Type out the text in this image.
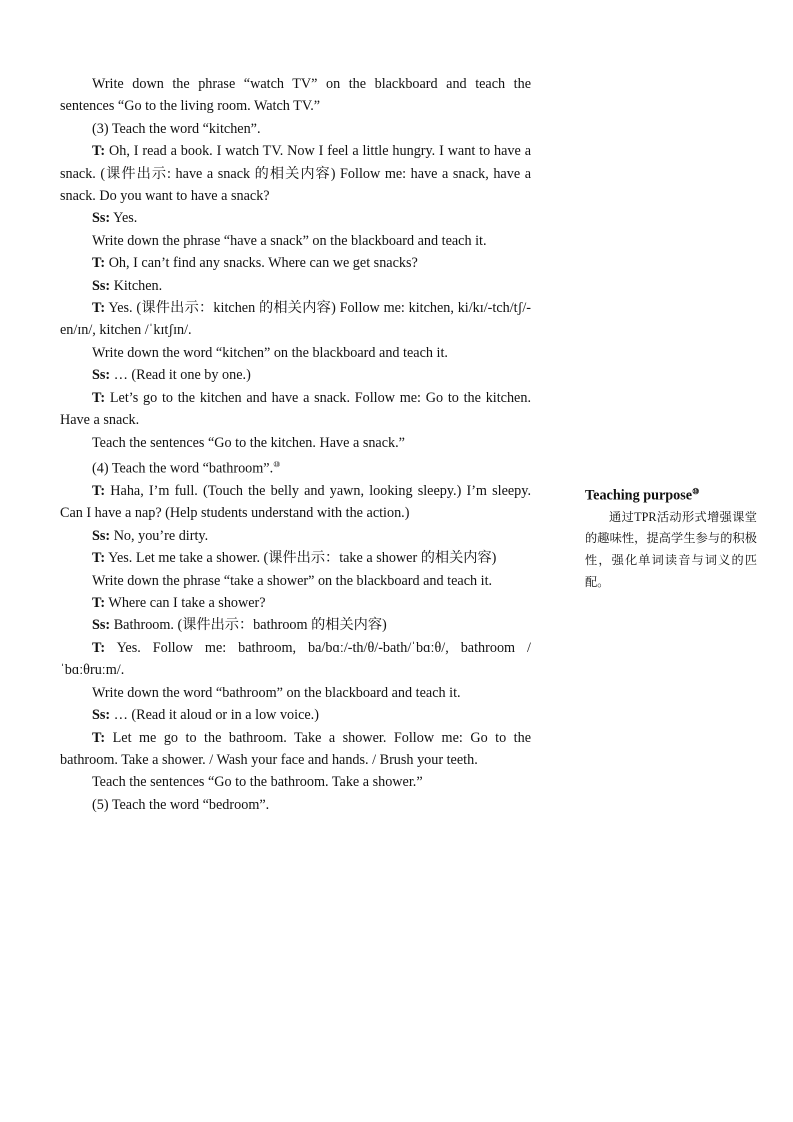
Write down the phrase “watch TV” on the blackboard and teach the sentences “Go to the living room. Watch TV.”

(3) Teach the word “kitchen”.

T: Oh, I read a book. I watch TV. Now I feel a little hungry. I want to have a snack. (课件出示: have a snack 的相关内容) Follow me: have a snack, have a snack. Do you want to have a snack?

Ss: Yes.

Write down the phrase “have a snack” on the blackboard and teach it.

T: Oh, I can’t find any snacks. Where can we get snacks?

Ss: Kitchen.

T: Yes. (课件出示：kitchen 的相关内容) Follow me: kitchen, ki/kɪ/-tch/tʃ/-en/ɪn/, kitchen /ˈkɪtʃɪn/.

Write down the word “kitchen” on the blackboard and teach it.

Ss: … (Read it one by one.)

T: Let’s go to the kitchen and have a snack. Follow me: Go to the kitchen. Have a snack.

Teach the sentences “Go to the kitchen. Have a snack.”

(4) Teach the word “bathroom”.⑩

T: Haha, I’m full. (Touch the belly and yawn, looking sleepy.) I’m sleepy. Can I have a nap? (Help students understand with the action.)

Ss: No, you’re dirty.

T: Yes. Let me take a shower. (课件出示：take a shower 的相关内容)

Write down the phrase “take a shower” on the blackboard and teach it.

T: Where can I take a shower?

Ss: Bathroom. (课件出示：bathroom 的相关内容)

T: Yes. Follow me: bathroom, ba/bɑː/-th/θ/-bath/ˈbɑːθ/, bathroom /ˈbɑːθruːm/.

Write down the word “bathroom” on the blackboard and teach it.

Ss: … (Read it aloud or in a low voice.)

T: Let me go to the bathroom. Take a shower. Follow me: Go to the bathroom. Take a shower. / Wash your face and hands. / Brush your teeth.

Teach the sentences “Go to the bathroom. Take a shower.”

(5) Teach the word “bedroom”.

Teaching purpose⑩

通过TPR活动形式增强课堂的趣味性，提高学生参与的积极性，强化单词读音与词义的匹配。
